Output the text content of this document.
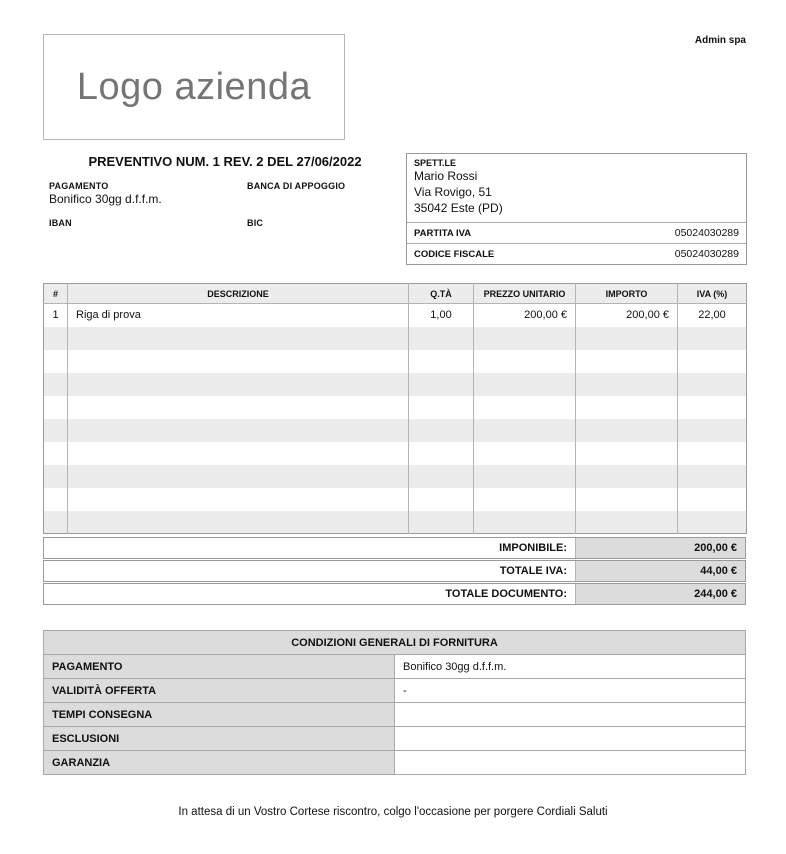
Logo azienda
Admin spa
PREVENTIVO NUM. 1 REV. 2 DEL 27/06/2022
PAGAMENTO
Bonifico 30gg d.f.f.m.
BANCA DI APPOGGIO
IBAN	BIC
SPETT.LE
Mario Rossi
Via Rovigo, 51
35042 Este (PD)
PARTITA IVA	05024030289
CODICE FISCALE	05024030289
#	DESCRIZIONE	Q.TÀ	PREZZO UNITARIO	IMPORTO	IVA (%)
1	Riga di prova	1,00	200,00 €	200,00 €	22,00

IMPONIBILE:	200,00 €
TOTALE IVA:	44,00 €
TOTALE DOCUMENTO:	244,00 €
CONDIZIONI GENERALI DI FORNITURA	
PAGAMENTO	Bonifico 30gg d.f.f.m.
VALIDITÀ OFFERTA	-
TEMPI CONSEGNA	
ESCLUSIONI	
GARANZIA	
In attesa di un Vostro Cortese riscontro, colgo l'occasione per porgere Cordiali Saluti
